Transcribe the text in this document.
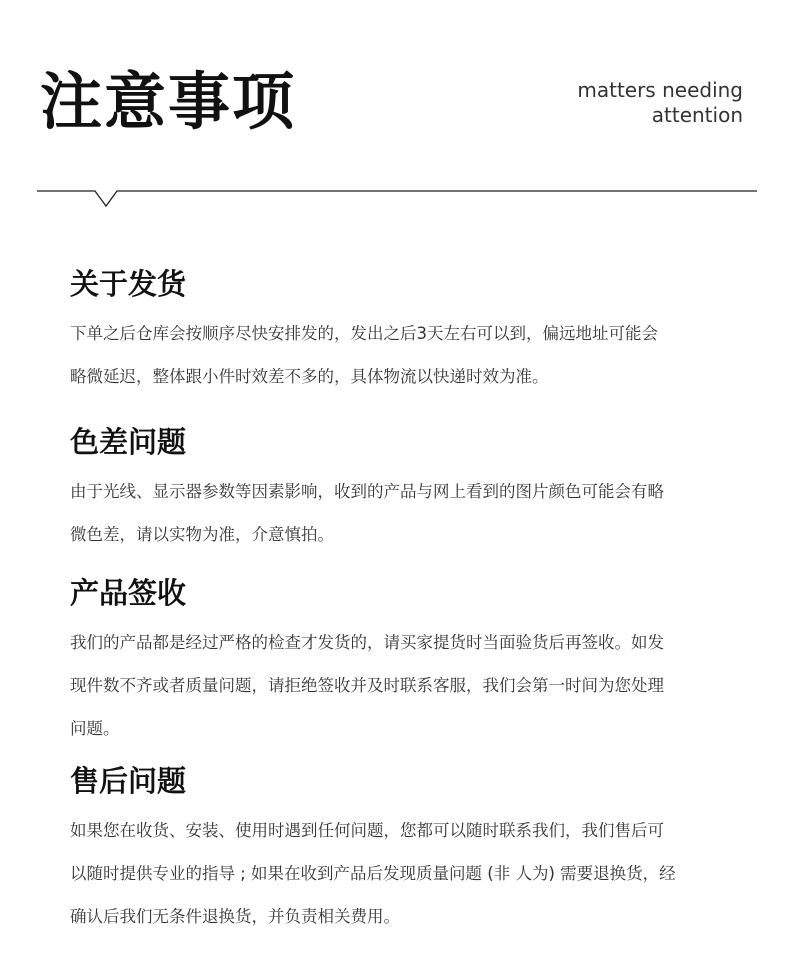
注意事项	matters needing
attention
关于发货

下单之后仓库会按顺序尽快安排发的，发出之后3天左右可以到，偏远地址可能会
略微延迟，整体跟小件时效差不多的，具体物流以快递时效为准。

色差问题

由于光线、显示器参数等因素影响，收到的产品与网上看到的图片颜色可能会有略
微色差，请以实物为准，介意慎拍。

产品签收

我们的产品都是经过严格的检查才发货的，请买家提货时当面验货后再签收。如发
现件数不齐或者质量问题，请拒绝签收并及时联系客服，我们会第一时间为您处理
问题。

售后问题

如果您在收货、安装、使用时遇到任何问题，您都可以随时联系我们，我们售后可
以随时提供专业的指导 ; 如果在收到产品后发现质量问题 (非 人为) 需要退换货，经
确认后我们无条件退换货，并负责相关费用。
